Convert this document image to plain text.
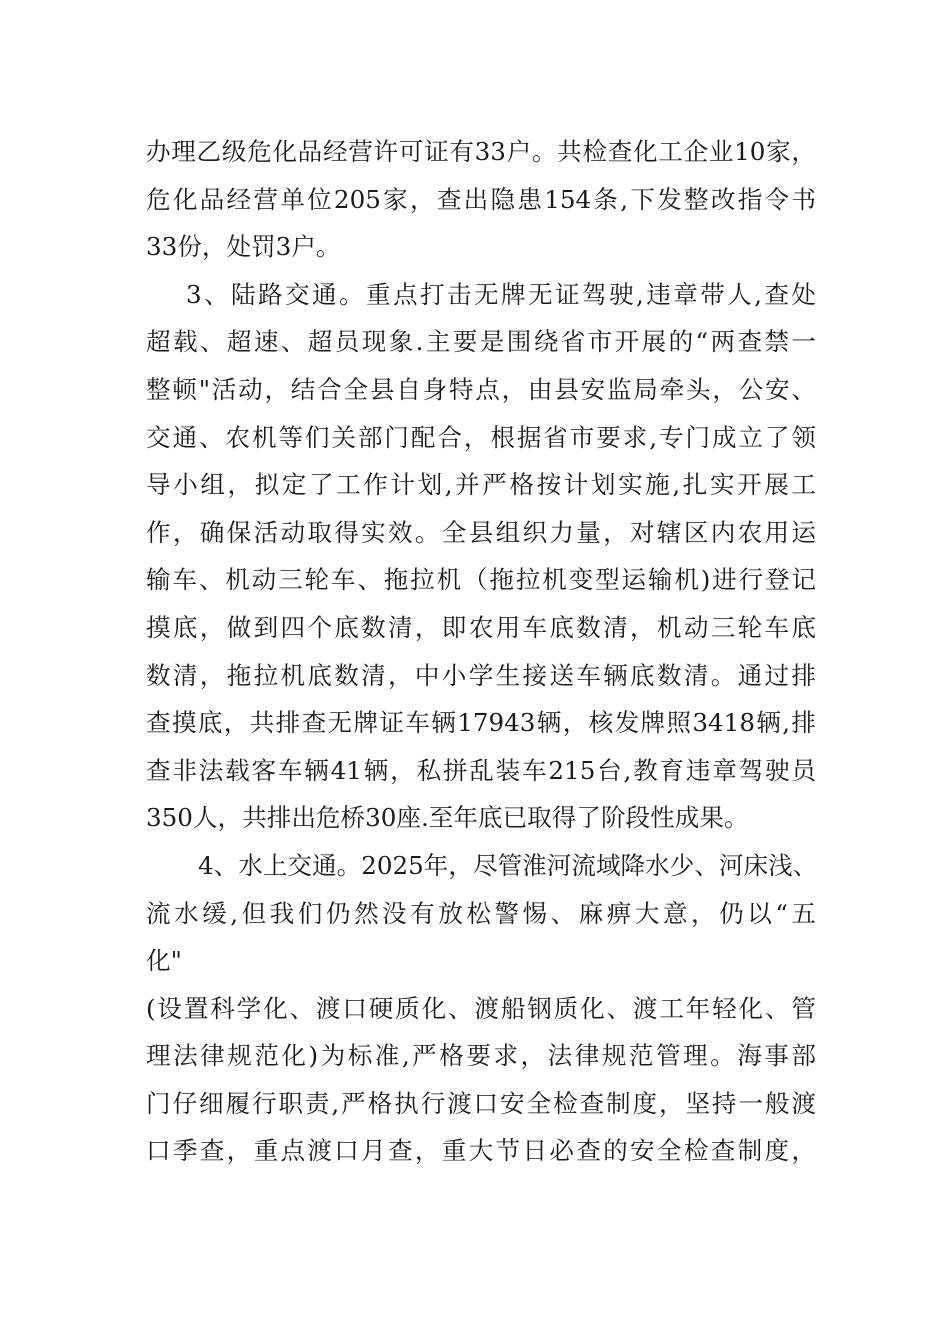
办理乙级危化品经营许可证有33户。共检查化工企业10家，
危化品经营单位205家，查出隐患154条,下发整改指令书
33份，处罚3户。
3、陆路交通。重点打击无牌无证驾驶,违章带人,查处
超载、超速、超员现象.主要是围绕省市开展的“两查禁一
整顿"活动，结合全县自身特点，由县安监局牵头，公安、
交通、农机等们关部门配合，根据省市要求,专门成立了领
导小组，拟定了工作计划,并严格按计划实施,扎实开展工
作，确保活动取得实效。全县组织力量，对辖区内农用运
输车、机动三轮车、拖拉机（拖拉机变型运输机)进行登记
摸底，做到四个底数清，即农用车底数清，机动三轮车底
数清，拖拉机底数清，中小学生接送车辆底数清。通过排
查摸底，共排查无牌证车辆17943辆，核发牌照3418辆,排
查非法载客车辆41辆，私拼乱装车215台,教育违章驾驶员
350人，共排出危桥30座.至年底已取得了阶段性成果。
4、水上交通。2025年，尽管淮河流域降水少、河床浅、
流水缓,但我们仍然没有放松警惕、麻痹大意，仍以“五
化"
(设置科学化、渡口硬质化、渡船钢质化、渡工年轻化、管
理法律规范化)为标准,严格要求，法律规范管理。海事部
门仔细履行职责,严格执行渡口安全检查制度，坚持一般渡
口季查，重点渡口月查，重大节日必查的安全检查制度，
